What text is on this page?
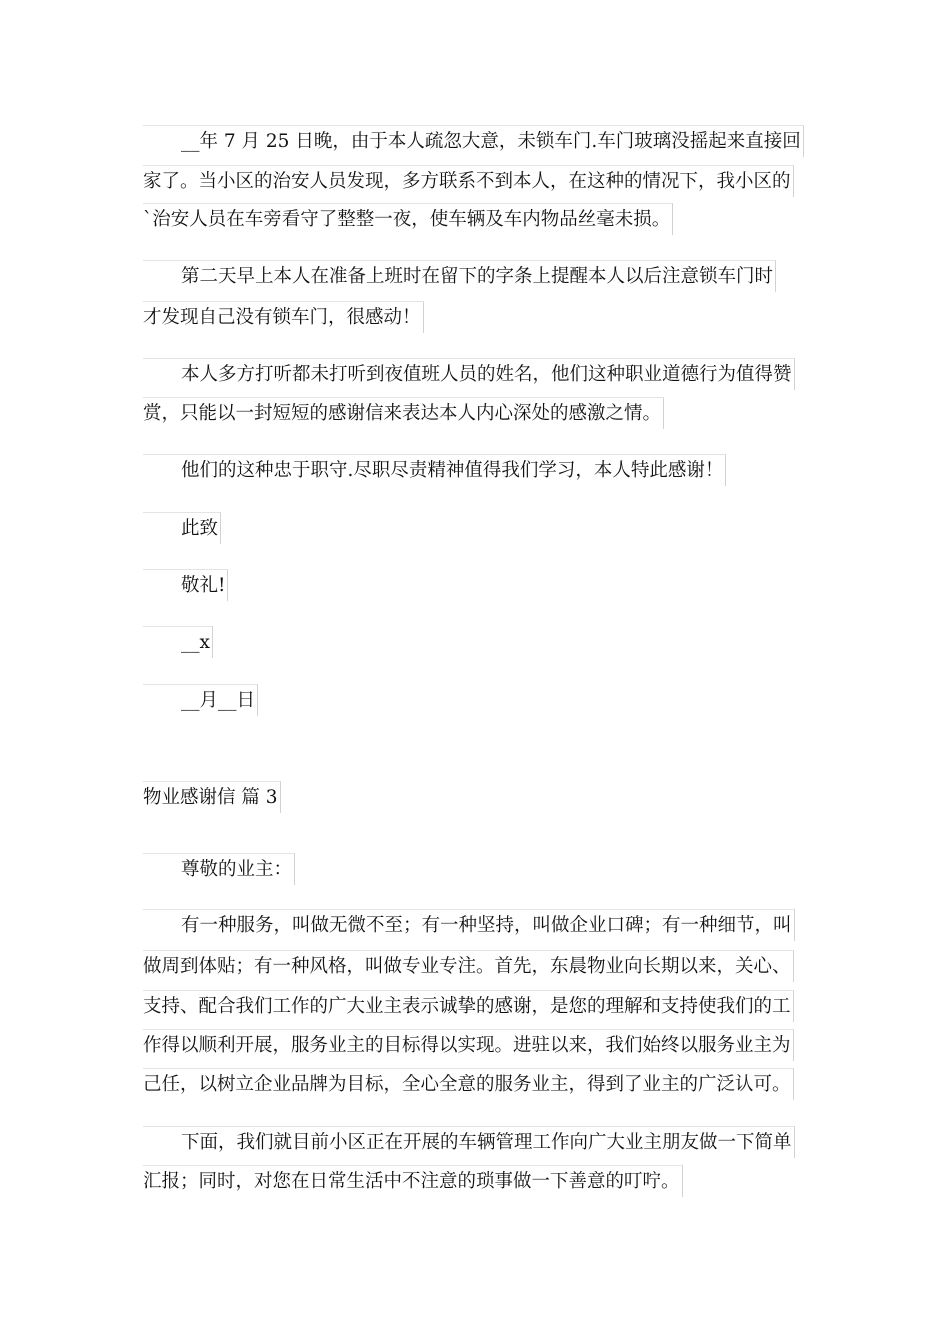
__年 7 月 25 日晚，由于本人疏忽大意，未锁车门.车门玻璃没摇起来直接回
家了。当小区的治安人员发现，多方联系不到本人，在这种的情况下，我小区的
`治安人员在车旁看守了整整一夜，使车辆及车内物品丝毫未损。
第二天早上本人在准备上班时在留下的字条上提醒本人以后注意锁车门时
才发现自己没有锁车门，很感动！
本人多方打听都未打听到夜值班人员的姓名，他们这种职业道德行为值得赞
赏，只能以一封短短的感谢信来表达本人内心深处的感激之情。
他们的这种忠于职守.尽职尽责精神值得我们学习，本人特此感谢！
此致
敬礼!
__x
__月__日
物业感谢信 篇 3
尊敬的业主：
有一种服务，叫做无微不至；有一种坚持，叫做企业口碑；有一种细节，叫
做周到体贴；有一种风格，叫做专业专注。首先，东晨物业向长期以来，关心、
支持、配合我们工作的广大业主表示诚挚的感谢，是您的理解和支持使我们的工
作得以顺利开展，服务业主的目标得以实现。进驻以来，我们始终以服务业主为
己任，以树立企业品牌为目标，全心全意的服务业主，得到了业主的广泛认可。
下面，我们就目前小区正在开展的车辆管理工作向广大业主朋友做一下简单
汇报；同时，对您在日常生活中不注意的琐事做一下善意的叮咛。
